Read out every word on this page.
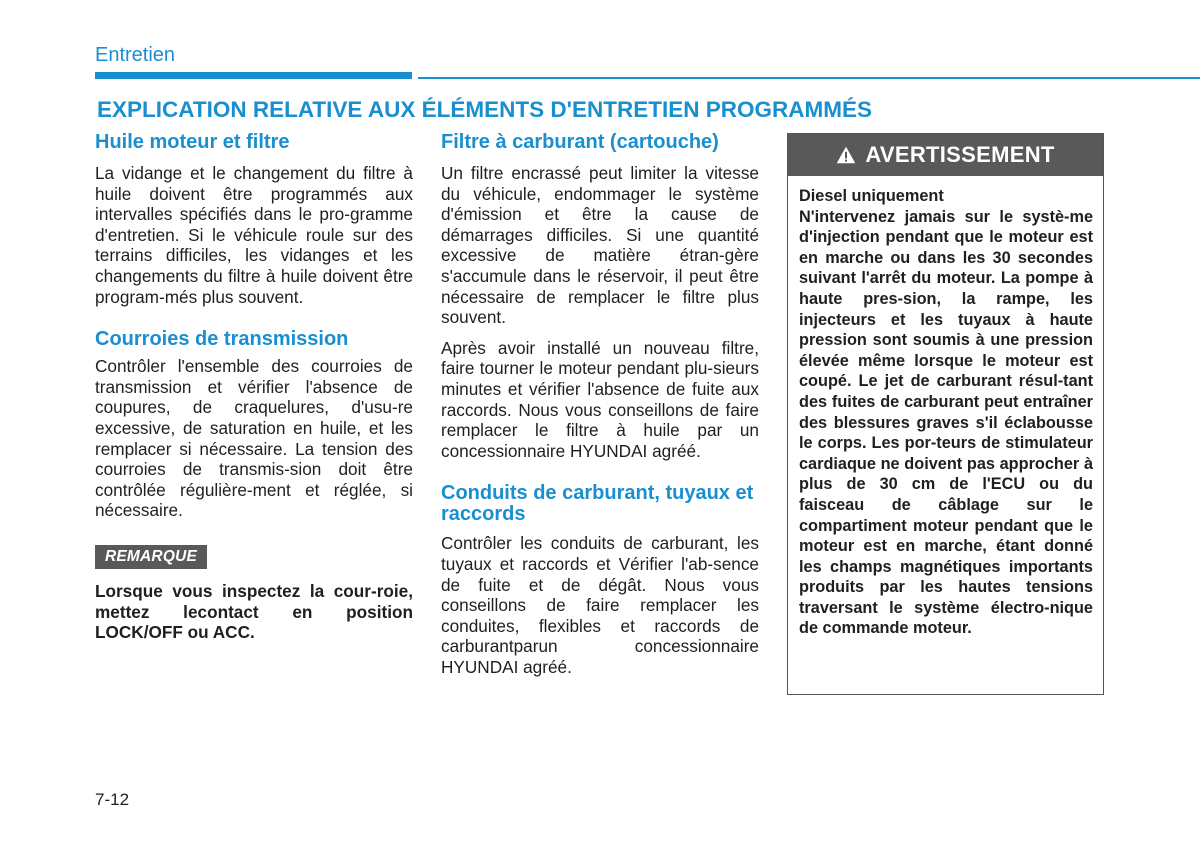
Entretien
EXPLICATION RELATIVE AUX ÉLÉMENTS D'ENTRETIEN PROGRAMMÉS
Huile moteur et filtre

La vidange et le changement du filtre à huile doivent être programmés aux intervalles spécifiés dans le pro-gramme d'entretien. Si le véhicule roule sur des terrains difficiles, les vidanges et les changements du filtre à huile doivent être program-més plus souvent.

Courroies de transmission

Contrôler l'ensemble des courroies de transmission et vérifier l'absence de coupures, de craquelures, d'usu-re excessive, de saturation en huile, et les remplacer si nécessaire. La tension des courroies de transmis-sion doit être contrôlée régulière-ment et réglée, si nécessaire.

REMARQUE
Lorsque vous inspectez la cour-roie, mettez lecontact en position LOCK/OFF ou ACC.
Filtre à carburant (cartouche)

Un filtre encrassé peut limiter la vitesse du véhicule, endommager le système d'émission et être la cause de démarrages difficiles. Si une quantité excessive de matière étran-gère s'accumule dans le réservoir, il peut être nécessaire de remplacer le filtre plus souvent.

Après avoir installé un nouveau filtre, faire tourner le moteur pendant plu-sieurs minutes et vérifier l'absence de fuite aux raccords. Nous vous conseillons de faire remplacer le filtre à huile par un concessionnaire HYUNDAI agréé.

Conduits de carburant, tuyaux et raccords

Contrôler les conduits de carburant, les tuyaux et raccords et Vérifier l'ab-sence de fuite et de dégât. Nous vous conseillons de faire remplacer les conduites, flexibles et raccords de carburantparun concessionnaire HYUNDAI agréé.

AVERTISSEMENT
Diesel uniquement
N'intervenez jamais sur le systè-me d'injection pendant que le moteur est en marche ou dans les 30 secondes suivant l'arrêt du moteur. La pompe à haute pres-sion, la rampe, les injecteurs et les tuyaux à haute pression sont soumis à une pression élevée même lorsque le moteur est coupé. Le jet de carburant résul-tant des fuites de carburant peut entraîner des blessures graves s'il éclabousse le corps. Les por-teurs de stimulateur cardiaque ne doivent pas approcher à plus de 30 cm de l'ECU ou du faisceau de câblage sur le compartiment moteur pendant que le moteur est en marche, étant donné les champs magnétiques importants produits par les hautes tensions traversant le système électro-nique de commande moteur.
7-12
